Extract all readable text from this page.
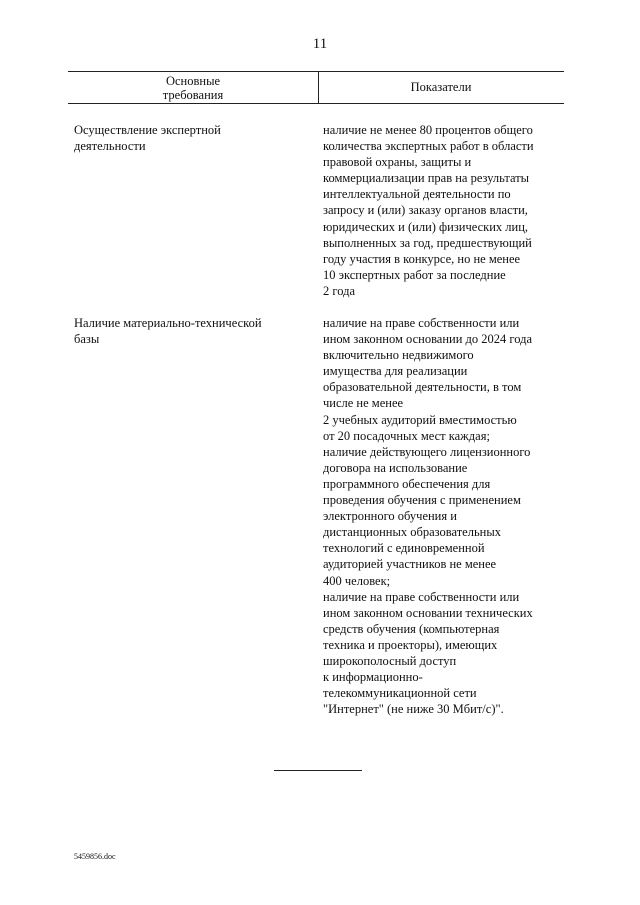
11
Основные
требования
Показатели
Осуществление экспертной
деятельности
наличие не менее 80 процентов общего
количества экспертных работ в области
правовой охраны, защиты и
коммерциализации прав на результаты
интеллектуальной деятельности по
запросу и (или) заказу органов власти,
юридических и (или) физических лиц,
выполненных за год, предшествующий
году участия в конкурсе, но не менее
10 экспертных работ за последние
2 года
Наличие материально-технической
базы
наличие на праве собственности или
ином законном основании до 2024 года
включительно недвижимого
имущества для реализации
образовательной деятельности, в том
числе не менее
2 учебных аудиторий вместимостью
от 20 посадочных мест каждая;
наличие действующего лицензионного
договора на использование
программного обеспечения для
проведения обучения с применением
электронного обучения и
дистанционных образовательных
технологий с единовременной
аудиторией участников не менее
400 человек;
наличие на праве собственности или
ином законном основании технических
средств обучения (компьютерная
техника и проекторы), имеющих
широкополосный доступ
к информационно-
телекоммуникационной сети
"Интернет" (не ниже 30 Мбит/с)".
5459856.doc
